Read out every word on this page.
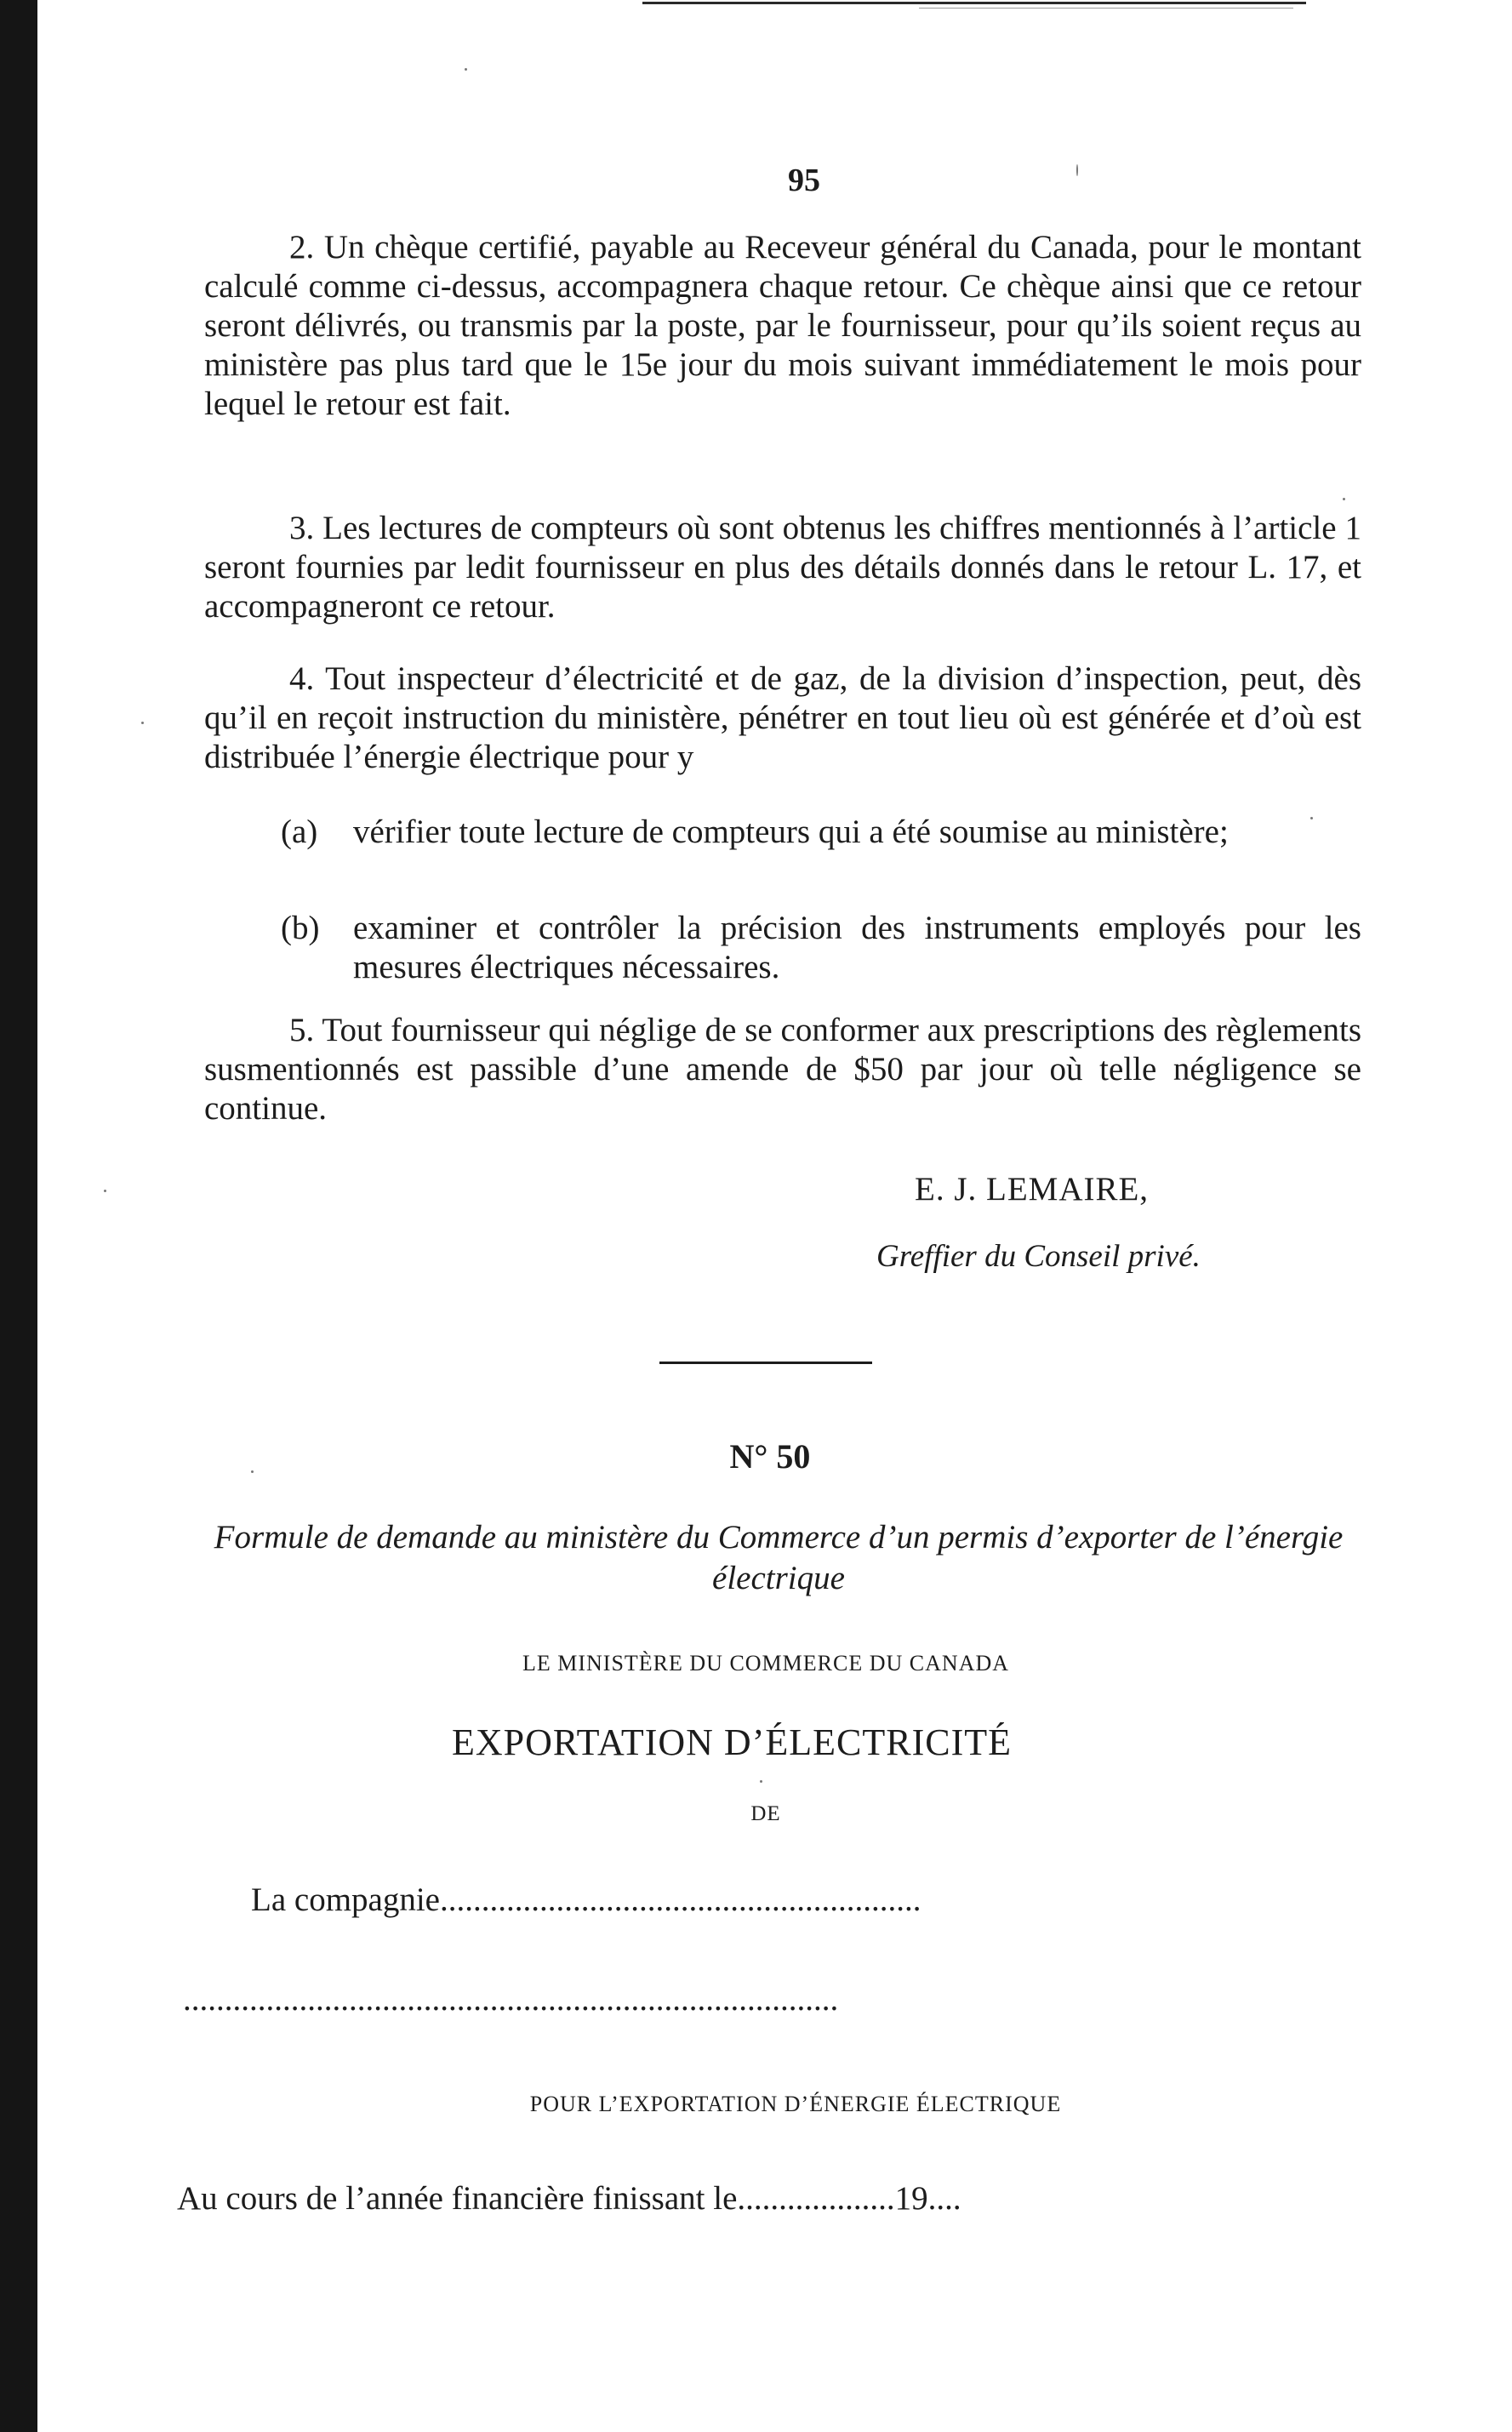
95

2. Un chèque certifié, payable au Receveur général du Canada, pour le montant calculé comme ci-dessus, accompagnera chaque retour. Ce chèque ainsi que ce retour seront délivrés, ou transmis par la poste, par le fournisseur, pour qu’ils soient reçus au ministère pas plus tard que le 15e jour du mois suivant immédiatement le mois pour lequel le retour est fait.

3. Les lectures de compteurs où sont obtenus les chiffres mentionnés à l’article 1 seront fournies par ledit fournisseur en plus des détails donnés dans le retour L. 17, et accompagneront ce retour.

4. Tout inspecteur d’électricité et de gaz, de la division d’inspection, peut, dès qu’il en reçoit instruction du ministère, pénétrer en tout lieu où est générée et d’où est distribuée l’énergie électrique pour y

(a) vérifier toute lecture de compteurs qui a été soumise au ministère;
(b) examiner et contrôler la précision des instruments employés pour les mesures électriques nécessaires.

5. Tout fournisseur qui néglige de se conformer aux prescriptions des règlements susmentionnés est passible d’une amende de $50 par jour où telle négligence se continue.

E. J. LEMAIRE,
Greffier du Conseil privé.
N° 50
Formule de demande au ministère du Commerce d’un permis d’exporter de l’énergie électrique
LE MINISTÈRE DU COMMERCE DU CANADA
EXPORTATION D’ÉLECTRICITÉ
DE
La compagnie..........................................................
...............................................................................
POUR L’EXPORTATION D’ÉNERGIE ÉLECTRIQUE
Au cours de l’année financière finissant le...................19....
